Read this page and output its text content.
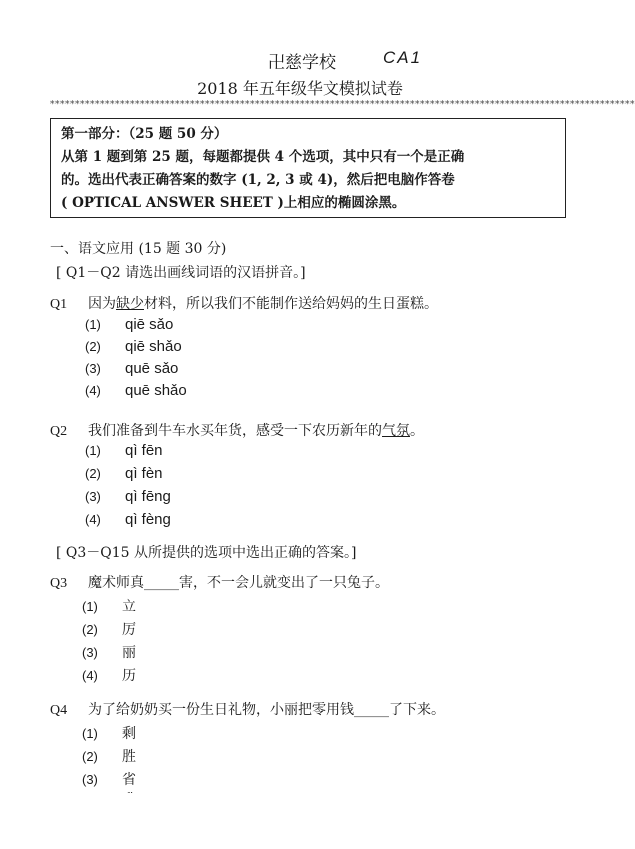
卍慈学校	CA1
2018 年五年级华文模拟试卷
*********************************************************************************************************************
第一部分：（25 题 50 分）
从第 1 题到第 25 题，每题都提供 4 个选项，其中只有一个是正确
的。选出代表正确答案的数字 (1, 2, 3 或 4)，然后把电脑作答卷
( OPTICAL ANSWER SHEET )上相应的椭圆涂黑。
一、语文应用 (15 题 30 分)
[ Q1－Q2 请选出画线词语的汉语拼音。]
Q1 因为缺少材料，所以我们不能制作送给妈妈的生日蛋糕。
(1) qiē sǎo
(2) qiē shǎo
(3) quē sǎo
(4) quē shǎo
Q2 我们准备到牛车水买年货，感受一下农历新年的气氛。
(1) qì fēn
(2) qì fèn
(3) qì fēng
(4) qì fèng
[ Q3－Q15 从所提供的选项中选出正确的答案。]
Q3 魔术师真_____害，不一会儿就变出了一只兔子。
(1) 立
(2) 厉
(3) 丽
(4) 历
Q4 为了给奶奶买一份生日礼物，小丽把零用钱_____了下来。
(1) 剩
(2) 胜
(3) 省
